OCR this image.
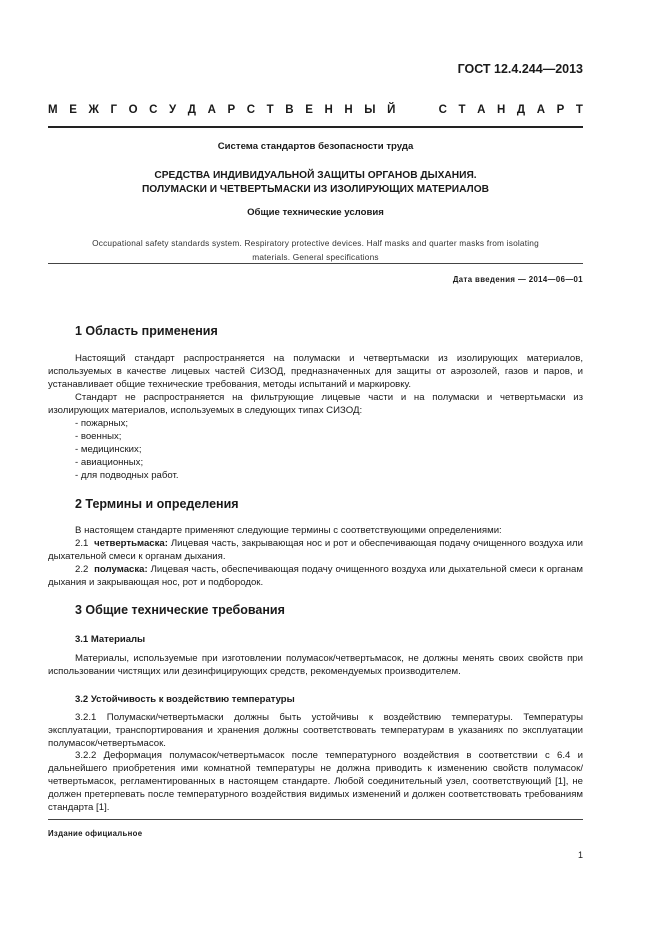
ГОСТ 12.4.244—2013
М Е Ж Г О С У Д А Р С Т В Е Н Н Ы Й	С Т А Н Д А Р Т
Система стандартов безопасности труда
СРЕДСТВА ИНДИВИДУАЛЬНОЙ ЗАЩИТЫ ОРГАНОВ ДЫХАНИЯ.
ПОЛУМАСКИ И ЧЕТВЕРТЬМАСКИ ИЗ ИЗОЛИРУЮЩИХ МАТЕРИАЛОВ
Общие технические условия
Occupational safety standards system. Respiratory protective devices. Half masks and quarter masks from isolating
materials. General specifications
Дата введения — 2014—06—01
1 Область применения
Настоящий стандарт распространяется на полумаски и четвертьмаски из изолирующих материалов, используемых в качестве лицевых частей СИЗОД, предназначенных для защиты от аэрозолей, газов и паров, и устанавливает общие технические требования, методы испытаний и маркировку.
Стандарт не распространяется на фильтрующие лицевые части и на полумаски и четвертьмаски из изолирующих материалов, используемых в следующих типах СИЗОД:
- пожарных;
- военных;
- медицинских;
- авиационных;
- для подводных работ.
2 Термины и определения
В настоящем стандарте применяют следующие термины с соответствующими определениями:
2.1 четвертьмаска: Лицевая часть, закрывающая нос и рот и обеспечивающая подачу очищенного воздуха или дыхательной смеси к органам дыхания.
2.2 полумаска: Лицевая часть, обеспечивающая подачу очищенного воздуха или дыхательной смеси к органам дыхания и закрывающая нос, рот и подбородок.
3 Общие технические требования
3.1 Материалы
Материалы, используемые при изготовлении полумасок/четвертьмасок, не должны менять своих свойств при использовании чистящих или дезинфицирующих средств, рекомендуемых производителем.
3.2 Устойчивость к воздействию температуры
3.2.1 Полумаски/четвертьмаски должны быть устойчивы к воздействию температуры. Температуры эксплуатации, транспортирования и хранения должны соответствовать температурам в указаниях по эксплуатации полумасок/четвертьмасок.
3.2.2 Деформация полумасок/четвертьмасок после температурного воздействия в соответствии с 6.4 и дальнейшего приобретения ими комнатной температуры не должна приводить к изменению свойств полумасок/четвертьмасок, регламентированных в настоящем стандарте. Любой соединительный узел, соответствующий [1], не должен претерпевать после температурного воздействия видимых изменений и должен соответствовать требованиям стандарта [1].
Издание официальное
1
